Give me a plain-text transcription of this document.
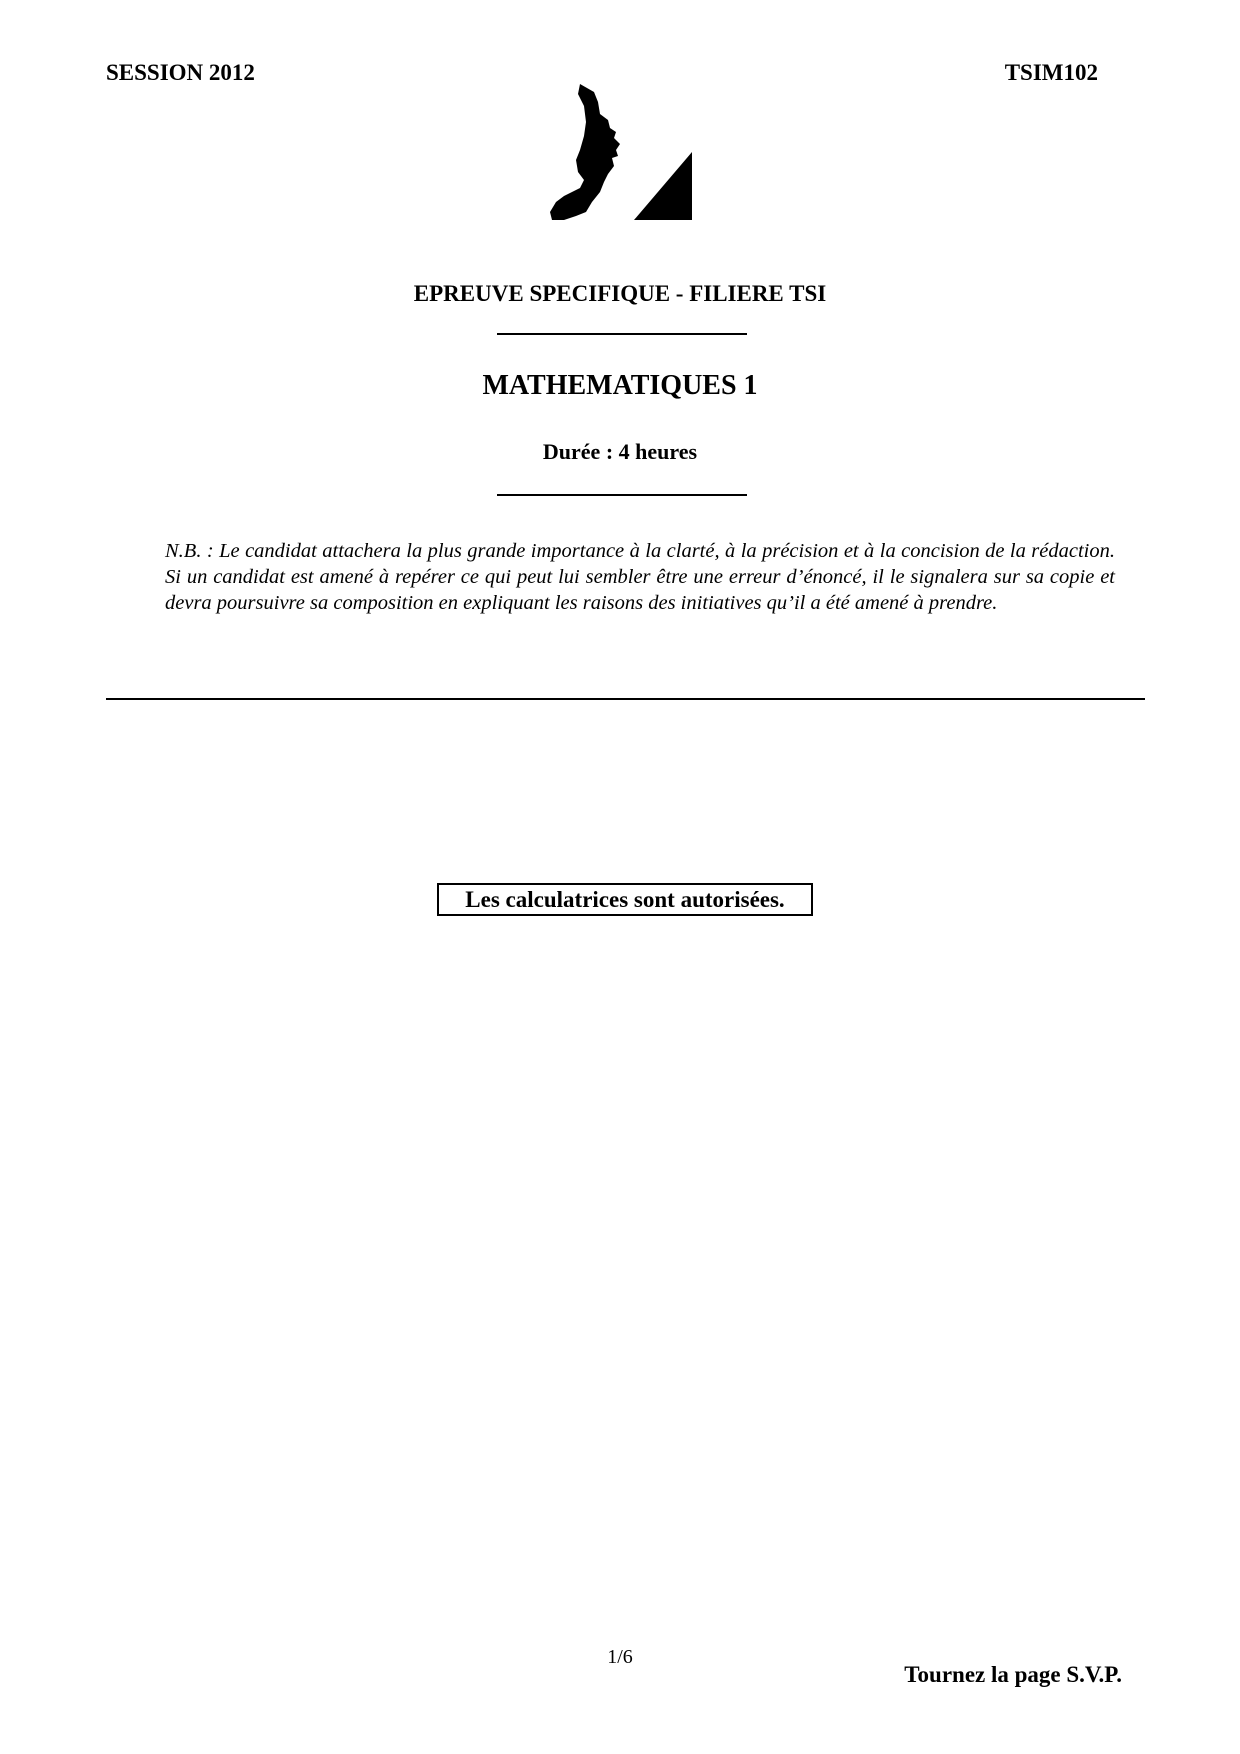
SESSION 2012	TSIM102
EPREUVE SPECIFIQUE - FILIERE TSI
MATHEMATIQUES 1
Durée : 4 heures
N.B. : Le candidat attachera la plus grande importance à la clarté, à la précision et à la concision de la rédaction. Si un candidat est amené à repérer ce qui peut lui sembler être une erreur d’énoncé, il le signalera sur sa copie et devra poursuivre sa composition en expliquant les raisons des initiatives qu’il a été amené à prendre.
Les calculatrices sont autorisées.
1/6
Tournez la page S.V.P.
